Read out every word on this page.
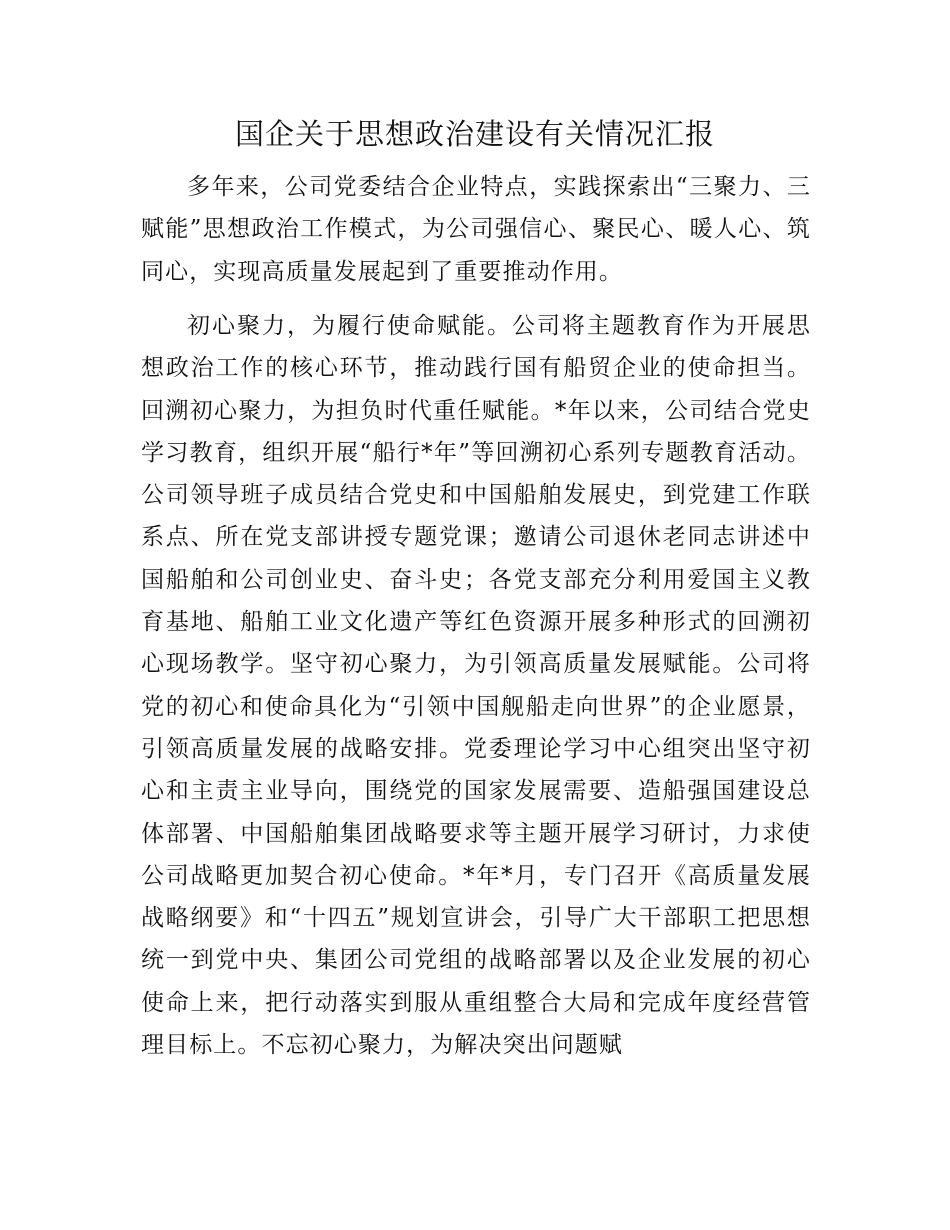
国企关于思想政治建设有关情况汇报

多年来，公司党委结合企业特点，实践探索出“三聚力、三赋能”思想政治工作模式，为公司强信心、聚民心、暖人心、筑同心，实现高质量发展起到了重要推动作用。

初心聚力，为履行使命赋能。公司将主题教育作为开展思想政治工作的核心环节，推动践行国有船贸企业的使命担当。回溯初心聚力，为担负时代重任赋能。*年以来，公司结合党史学习教育，组织开展“船行*年”等回溯初心系列专题教育活动。公司领导班子成员结合党史和中国船舶发展史，到党建工作联系点、所在党支部讲授专题党课；邀请公司退休老同志讲述中国船舶和公司创业史、奋斗史；各党支部充分利用爱国主义教育基地、船舶工业文化遗产等红色资源开展多种形式的回溯初心现场教学。坚守初心聚力，为引领高质量发展赋能。公司将党的初心和使命具化为“引领中国舰船走向世界”的企业愿景，引领高质量发展的战略安排。党委理论学习中心组突出坚守初心和主责主业导向，围绕党的国家发展需要、造船强国建设总体部署、中国船舶集团战略要求等主题开展学习研讨，力求使公司战略更加契合初心使命。*年*月，专门召开《高质量发展战略纲要》和“十四五”规划宣讲会，引导广大干部职工把思想统一到党中央、集团公司党组的战略部署以及企业发展的初心使命上来，把行动落实到服从重组整合大局和完成年度经营管理目标上。不忘初心聚力，为解决突出问题赋
